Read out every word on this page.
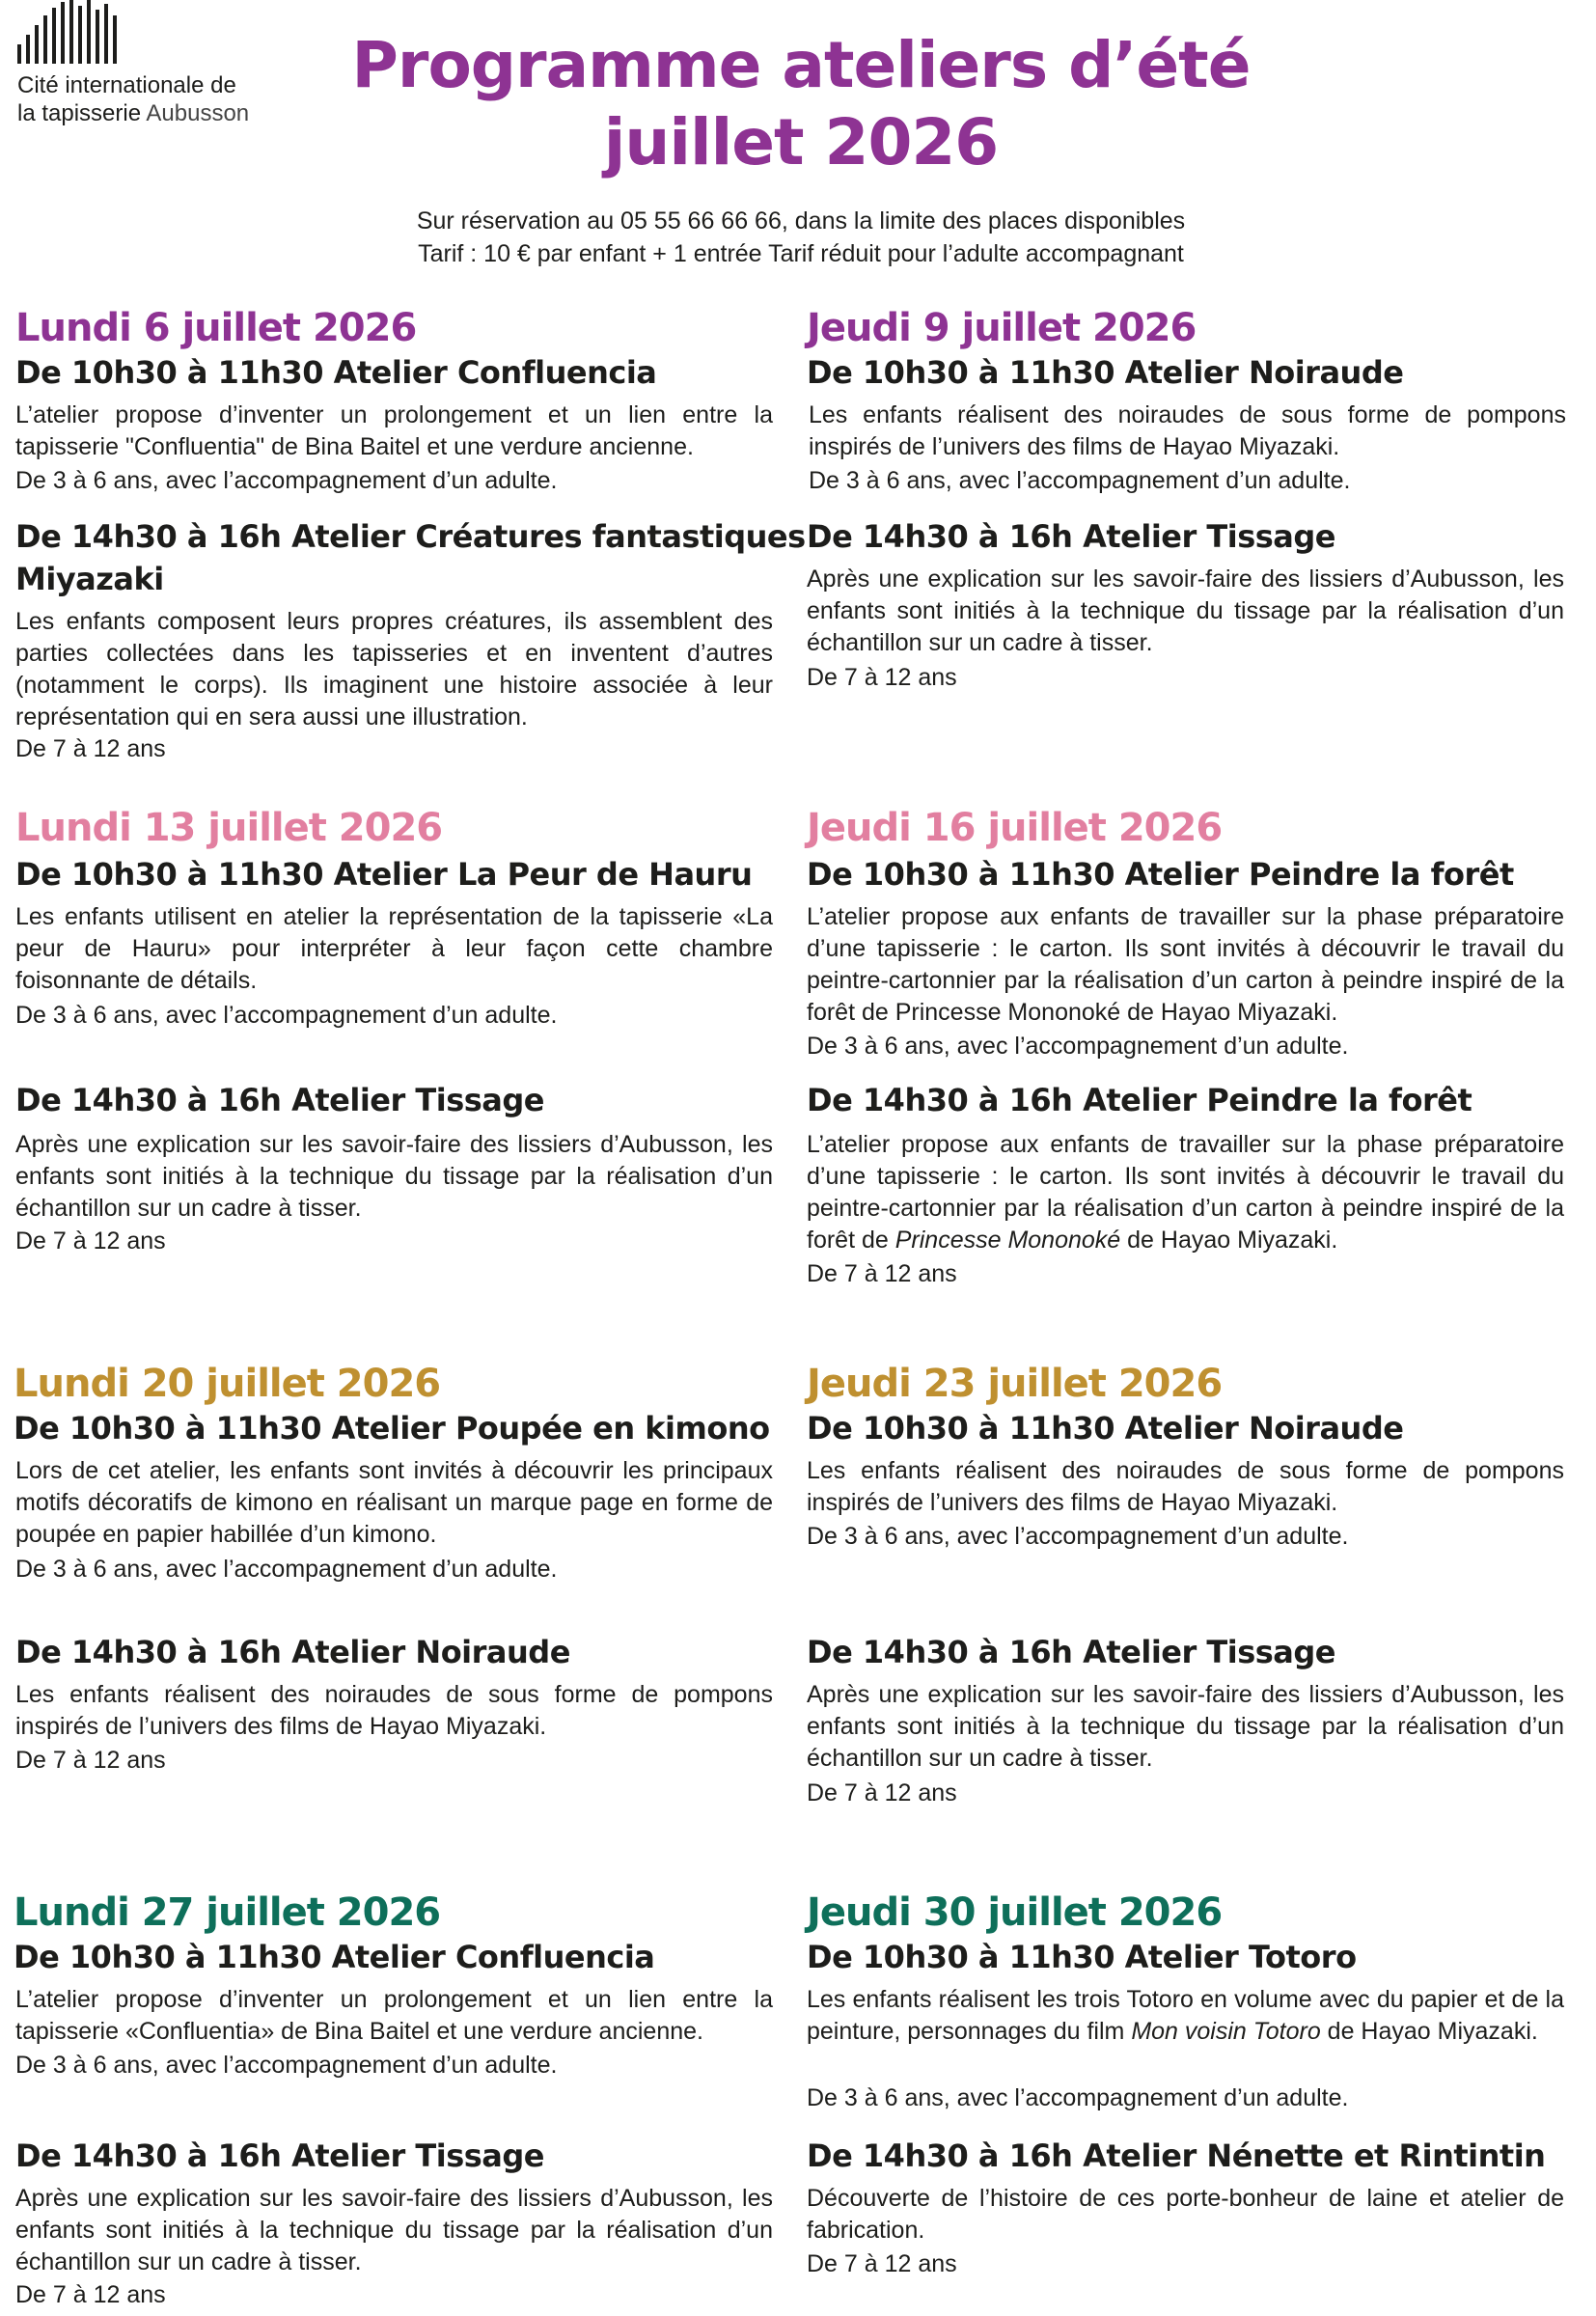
Cité internationale de
la tapisserie Aubusson
Programme ateliers d’été
juillet 2026
Sur réservation au 05 55 66 66 66, dans la limite des places disponibles
Tarif : 10 € par enfant + 1 entrée Tarif réduit pour l’adulte accompagnant
Lundi 6 juillet 2026
De 10h30 à 11h30 Atelier Confluencia
L’atelier propose d’inventer un prolongement et un lien entre la tapisserie "Confluentia" de Bina Baitel et une verdure ancienne.
De 3 à 6 ans, avec l’accompagnement d’un adulte.
De 14h30 à 16h Atelier Créatures fantastiques
Miyazaki
Les enfants composent leurs propres créatures, ils assemblent des parties collectées dans les tapisseries et en inventent d’autres (notamment le corps). Ils imaginent une histoire associée à leur représentation qui en sera aussi une illustration.
De 7 à 12 ans
Jeudi 9 juillet 2026
De 10h30 à 11h30 Atelier Noiraude
Les enfants réalisent des noiraudes de sous forme de pompons inspirés de l’univers des films de Hayao Miyazaki.
De 3 à 6 ans, avec l’accompagnement d’un adulte.
De 14h30 à 16h Atelier Tissage
Après une explication sur les savoir-faire des lissiers d’Aubusson, les enfants sont initiés à la technique du tissage par la réalisation d’un échantillon sur un cadre à tisser.
De 7 à 12 ans
Lundi 13 juillet 2026
De 10h30 à 11h30 Atelier La Peur de Hauru
Les enfants utilisent en atelier la représentation de la tapisserie «La peur de Hauru» pour interpréter à leur façon cette chambre foisonnante de détails.
De 3 à 6 ans, avec l’accompagnement d’un adulte.
De 14h30 à 16h Atelier Tissage
Après une explication sur les savoir-faire des lissiers d’Aubusson, les enfants sont initiés à la technique du tissage par la réalisation d’un échantillon sur un cadre à tisser.
De 7 à 12 ans
Jeudi 16 juillet 2026
De 10h30 à 11h30 Atelier Peindre la forêt
L’atelier propose aux enfants de travailler sur la phase préparatoire d’une tapisserie : le carton. Ils sont invités à découvrir le travail du peintre-cartonnier par la réalisation d’un carton à peindre inspiré de la forêt de Princesse Mononoké de Hayao Miyazaki.
De 3 à 6 ans, avec l’accompagnement d’un adulte.
De 14h30 à 16h Atelier Peindre la forêt
L’atelier propose aux enfants de travailler sur la phase préparatoire d’une tapisserie : le carton. Ils sont invités à découvrir le travail du peintre-cartonnier par la réalisation d’un carton à peindre inspiré de la forêt de Princesse Mononoké de Hayao Miyazaki.
De 7 à 12 ans
Lundi 20 juillet 2026
De 10h30 à 11h30 Atelier Poupée en kimono
Lors de cet atelier, les enfants sont invités à découvrir les principaux motifs décoratifs de kimono en réalisant un marque page en forme de poupée en papier habillée d’un kimono.
De 3 à 6 ans, avec l’accompagnement d’un adulte.
De 14h30 à 16h Atelier Noiraude
Les enfants réalisent des noiraudes de sous forme de pompons inspirés de l’univers des films de Hayao Miyazaki.
De 7 à 12 ans
Jeudi 23 juillet 2026
De 10h30 à 11h30 Atelier Noiraude
Les enfants réalisent des noiraudes de sous forme de pompons inspirés de l’univers des films de Hayao Miyazaki.
De 3 à 6 ans, avec l’accompagnement d’un adulte.
De 14h30 à 16h Atelier Tissage
Après une explication sur les savoir-faire des lissiers d’Aubusson, les enfants sont initiés à la technique du tissage par la réalisation d’un échantillon sur un cadre à tisser.
De 7 à 12 ans
Lundi 27 juillet 2026
De 10h30 à 11h30 Atelier Confluencia
L’atelier propose d’inventer un prolongement et un lien entre la tapisserie «Confluentia» de Bina Baitel et une verdure ancienne.
De 3 à 6 ans, avec l’accompagnement d’un adulte.
De 14h30 à 16h Atelier Tissage
Après une explication sur les savoir-faire des lissiers d’Aubusson, les enfants sont initiés à la technique du tissage par la réalisation d’un échantillon sur un cadre à tisser.
De 7 à 12 ans
Jeudi 30 juillet 2026
De 10h30 à 11h30 Atelier Totoro
Les enfants réalisent les trois Totoro en volume avec du papier et de la peinture, personnages du film Mon voisin Totoro de Hayao Miyazaki.
De 3 à 6 ans, avec l’accompagnement d’un adulte.
De 14h30 à 16h Atelier Nénette et Rintintin
Découverte de l’histoire de ces porte-bonheur de laine et atelier de fabrication.
De 7 à 12 ans
